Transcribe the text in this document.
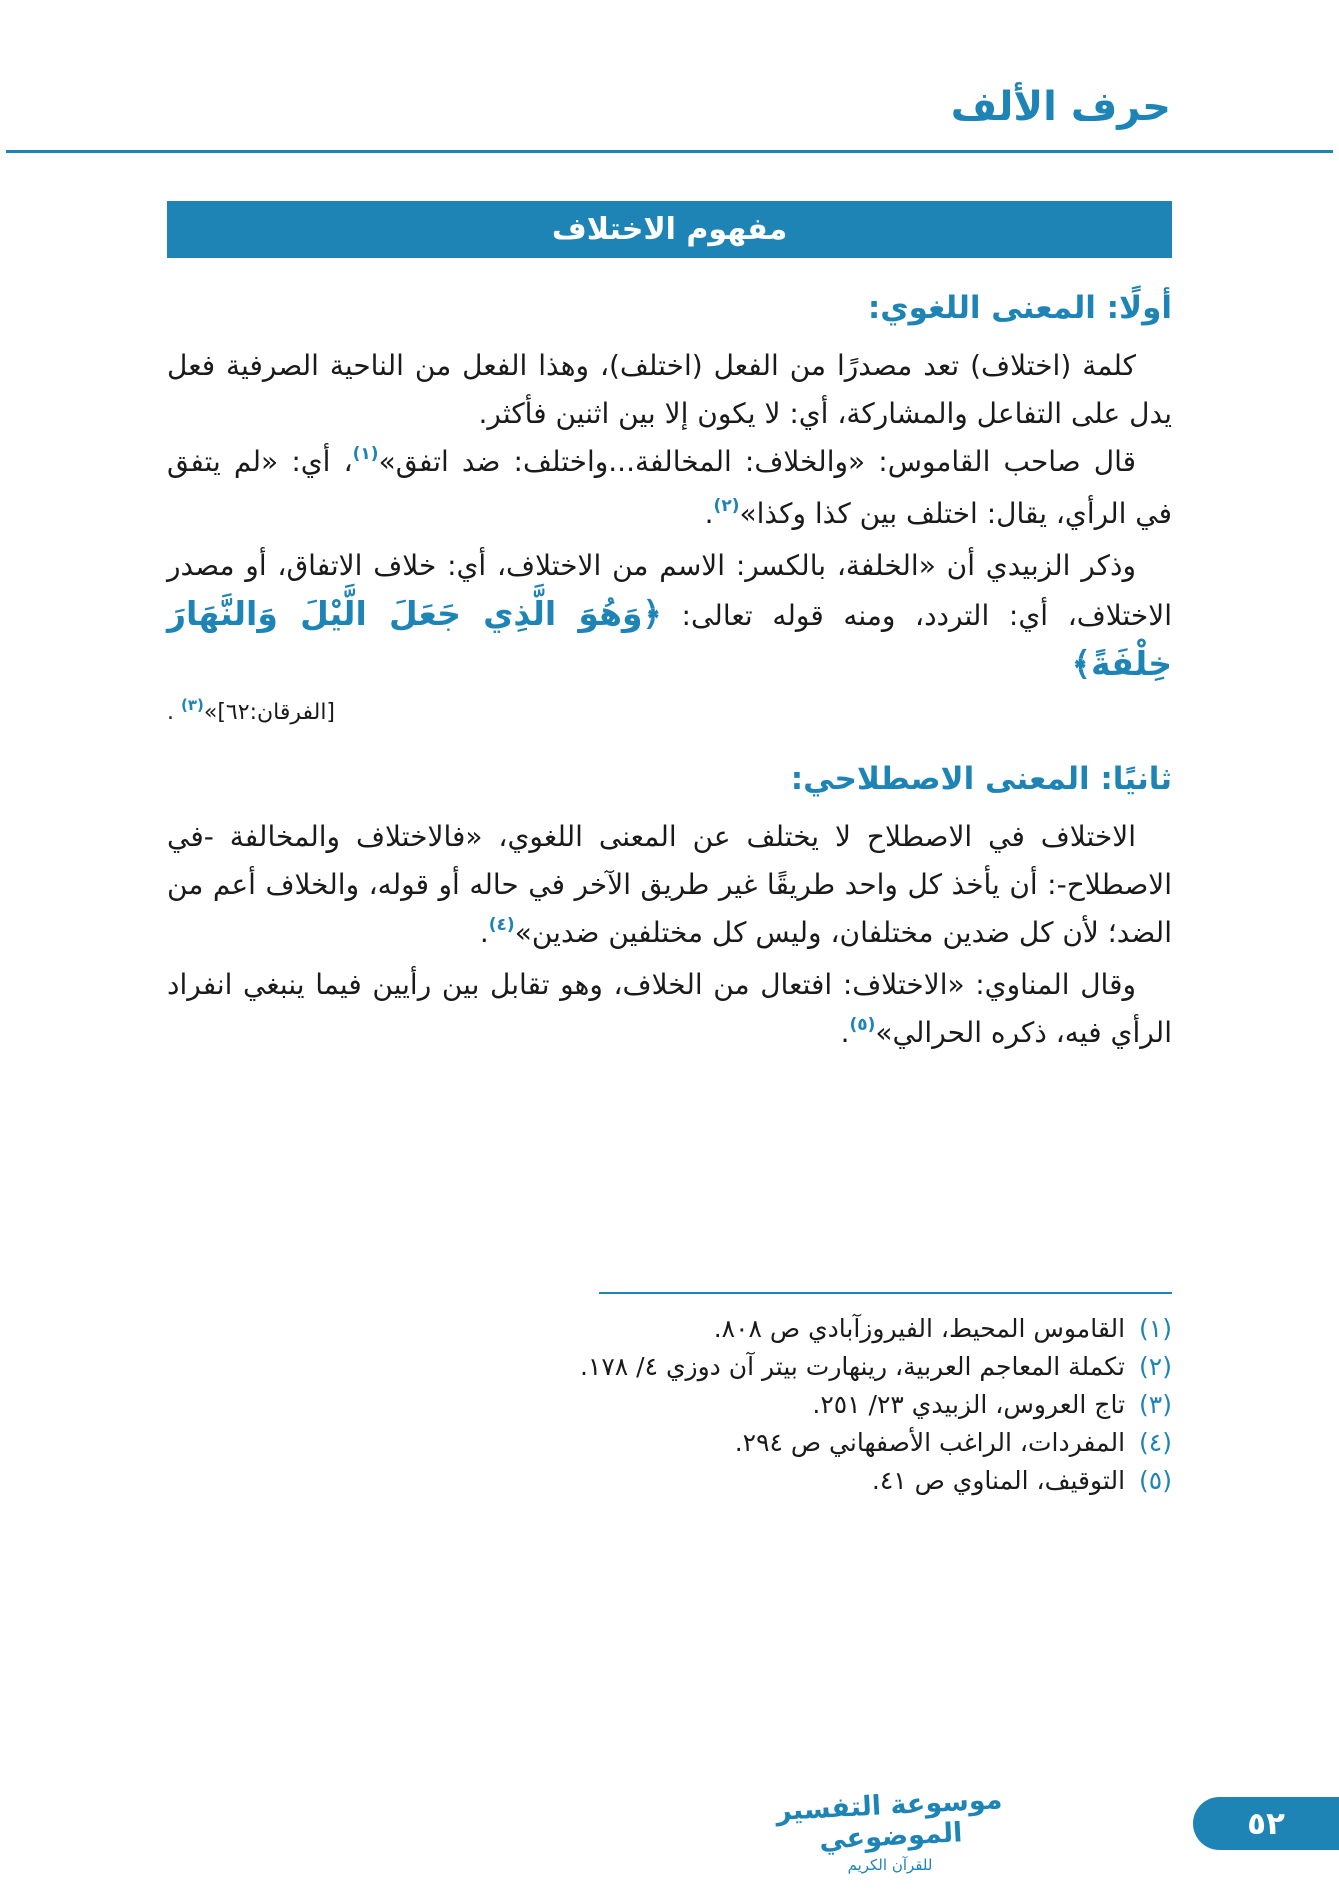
حرف الألف
مفهوم الاختلاف
أولًا: المعنى اللغوي:

كلمة (اختلاف) تعد مصدرًا من الفعل (اختلف)، وهذا الفعل من الناحية الصرفية فعل يدل على التفاعل والمشاركة، أي: لا يكون إلا بين اثنين فأكثر.

قال صاحب القاموس: «والخلاف: المخالفة...واختلف: ضد اتفق»$^{(١)}$، أي: «لم يتفق في الرأي، يقال: اختلف بين كذا وكذا»$^{(٢)}$.

وذكر الزبيدي أن «الخلفة، بالكسر: الاسم من الاختلاف، أي: خلاف الاتفاق، أو مصدر الاختلاف، أي: التردد، ومنه قوله تعالى: ﴿وَهُوَ الَّذِي جَعَلَ الَّيْلَ وَالنَّهَارَ خِلْفَةً﴾

[الفرقان:٦٢]»$^{(٣)}$ .

ثانيًا: المعنى الاصطلاحي:

الاختلاف في الاصطلاح لا يختلف عن المعنى اللغوي، «فالاختلاف والمخالفة -في الاصطلاح-: أن يأخذ كل واحد طريقًا غير طريق الآخر في حاله أو قوله، والخلاف أعم من الضد؛ لأن كل ضدين مختلفان، وليس كل مختلفين ضدين»$^{(٤)}$.

وقال المناوي: «الاختلاف: افتعال من الخلاف، وهو تقابل بين رأيين فيما ينبغي انفراد الرأي فيه، ذكره الحرالي»$^{(٥)}$.

(١)
القاموس المحيط، الفيروزآبادي ص ٨٠٨.
(٢)
تكملة المعاجم العربية، رينهارت بيتر آن دوزي ٤/ ١٧٨.
(٣)
تاج العروس، الزبيدي ٢٣/ ٢٥١.
(٤)
المفردات، الراغب الأصفهاني ص ٢٩٤.
(٥)
التوقيف، المناوي ص ٤١.
موسوعة التفسير الموضوعي
للقرآن الكريم
٥٢
